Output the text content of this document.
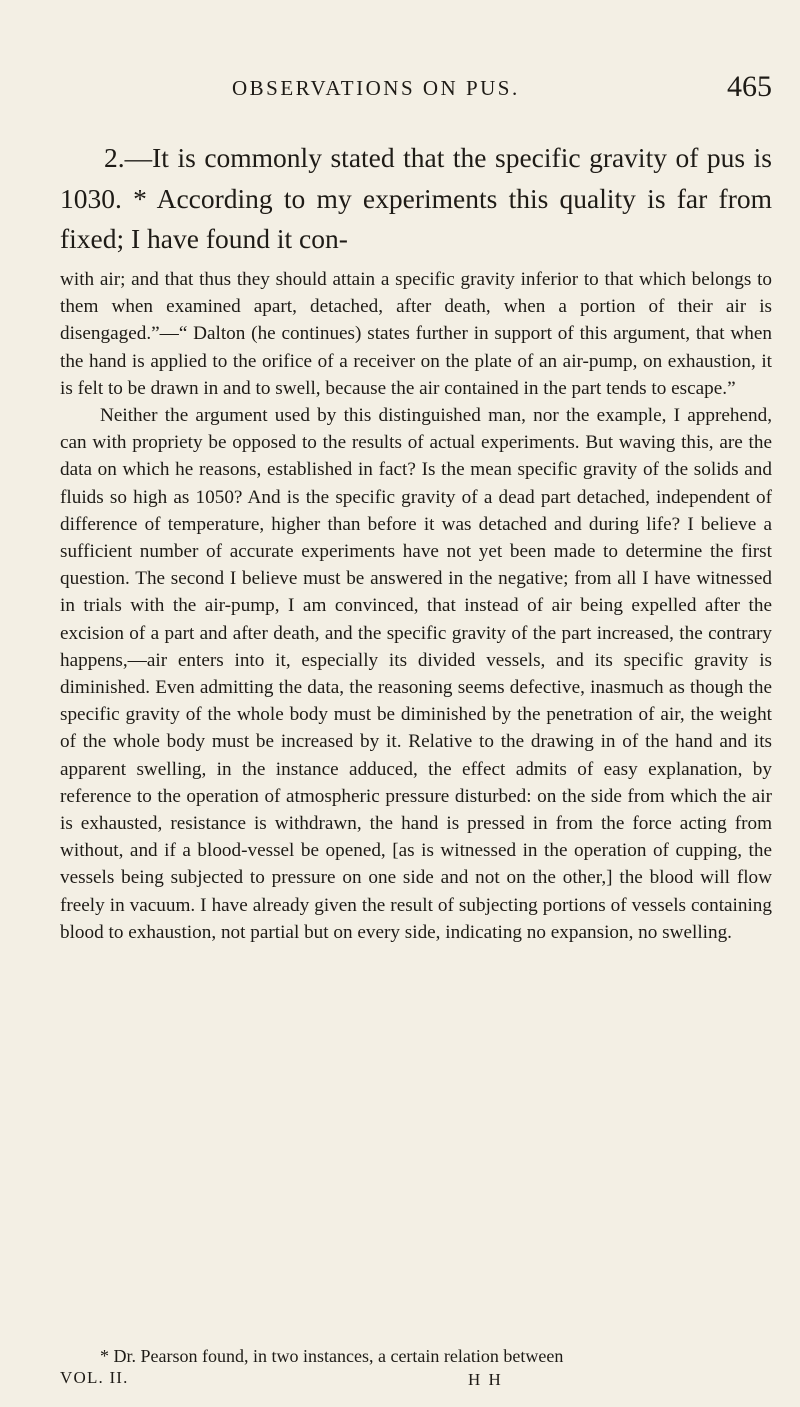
OBSERVATIONS ON PUS.	465

2.—It is commonly stated that the specific gravity of pus is 1030. * According to my experiments this quality is far from fixed; I have found it con-

with air; and that thus they should attain a specific gravity inferior to that which belongs to them when examined apart, detached, after death, when a portion of their air is disengaged.”—“ Dalton (he continues) states further in support of this argument, that when the hand is applied to the orifice of a receiver on the plate of an air-pump, on exhaustion, it is felt to be drawn in and to swell, because the air contained in the part tends to escape.”

Neither the argument used by this distinguished man, nor the example, I apprehend, can with propriety be opposed to the results of actual experiments. But waving this, are the data on which he reasons, established in fact? Is the mean specific gravity of the solids and fluids so high as 1050? And is the specific gravity of a dead part detached, independent of difference of temperature, higher than before it was detached and during life? I believe a sufficient number of accurate experiments have not yet been made to determine the first question. The second I believe must be answered in the negative; from all I have witnessed in trials with the air-pump, I am convinced, that instead of air being expelled after the excision of a part and after death, and the specific gravity of the part increased, the contrary happens,—air enters into it, especially its divided vessels, and its specific gravity is diminished. Even admitting the data, the reasoning seems defective, inasmuch as though the specific gravity of the whole body must be diminished by the penetration of air, the weight of the whole body must be increased by it. Relative to the drawing in of the hand and its apparent swelling, in the instance adduced, the effect admits of easy explanation, by reference to the operation of atmospheric pressure disturbed: on the side from which the air is exhausted, resistance is withdrawn, the hand is pressed in from the force acting from without, and if a blood-vessel be opened, [as is witnessed in the operation of cupping, the vessels being subjected to pressure on one side and not on the other,] the blood will flow freely in vacuum. I have already given the result of subjecting portions of vessels containing blood to exhaustion, not partial but on every side, indicating no expansion, no swelling.

* Dr. Pearson found, in two instances, a certain relation between

VOL. II.	H H
